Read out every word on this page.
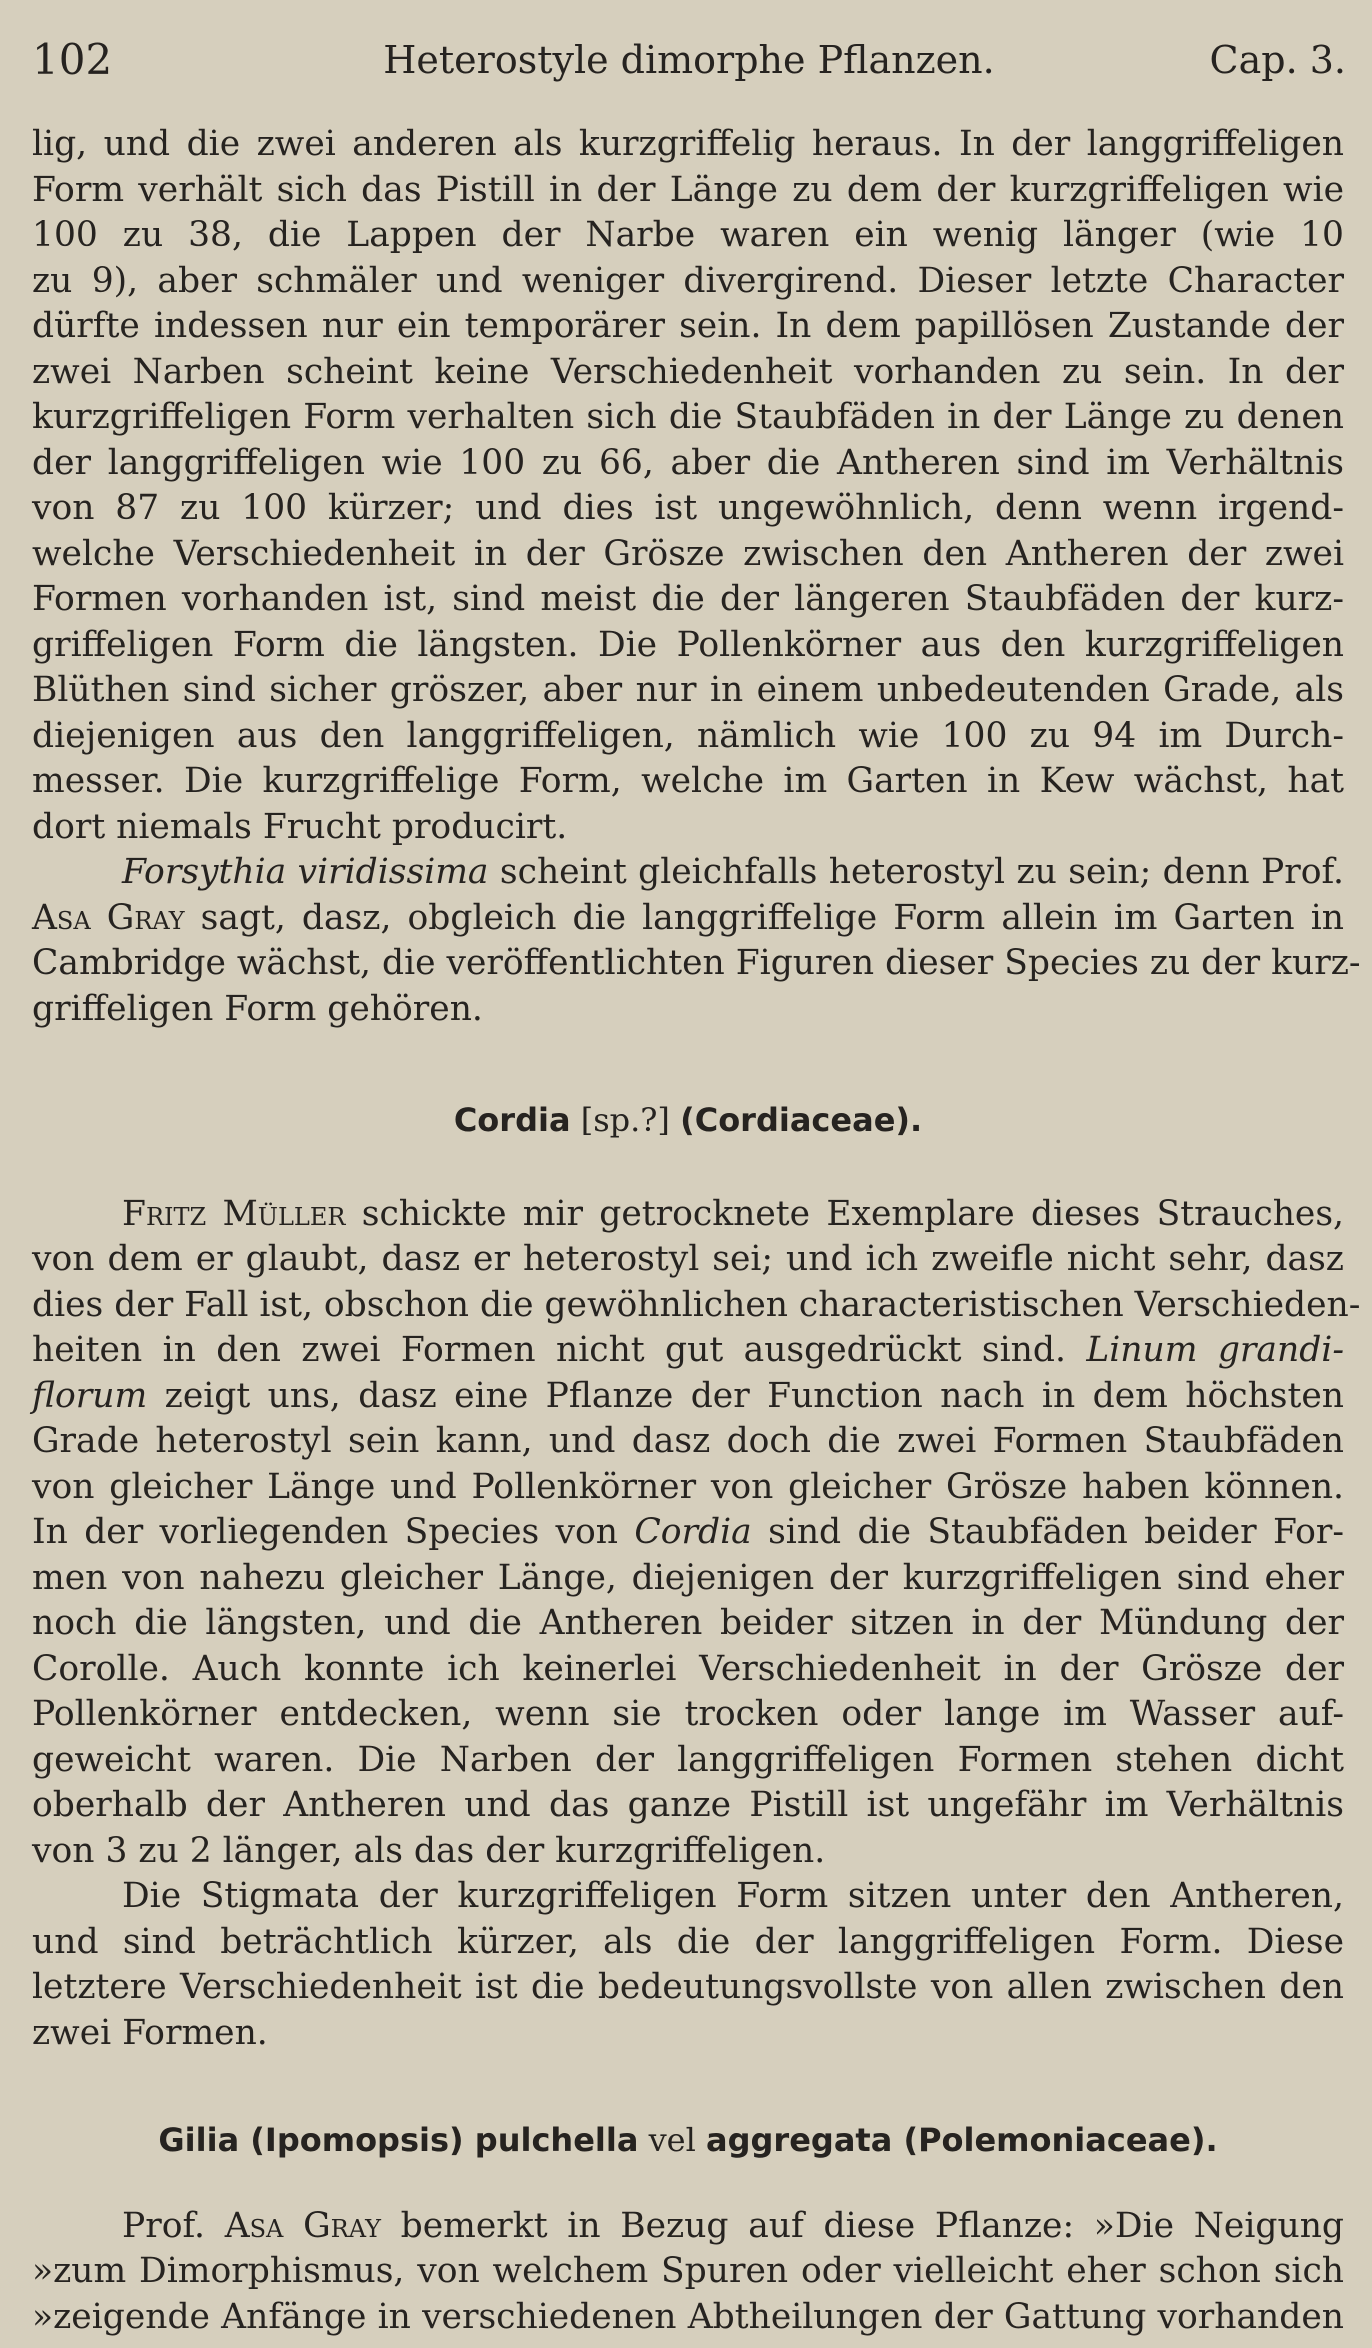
102	Heterostyle dimorphe Pflanzen.	Cap. 3.
lig, und die zwei anderen als kurzgriffelig heraus. In der langgriffeligen
Form verhält sich das Pistill in der Länge zu dem der kurzgriffeligen wie
100 zu 38, die Lappen der Narbe waren ein wenig länger (wie 10
zu 9), aber schmäler und weniger divergirend. Dieser letzte Character
dürfte indessen nur ein temporärer sein. In dem papillösen Zustande der
zwei Narben scheint keine Verschiedenheit vorhanden zu sein. In der
kurzgriffeligen Form verhalten sich die Staubfäden in der Länge zu denen
der langgriffeligen wie 100 zu 66, aber die Antheren sind im Verhältnis
von 87 zu 100 kürzer; und dies ist ungewöhnlich, denn wenn irgend-
welche Verschiedenheit in der Grösze zwischen den Antheren der zwei
Formen vorhanden ist, sind meist die der längeren Staubfäden der kurz-
griffeligen Form die längsten. Die Pollenkörner aus den kurzgriffeligen
Blüthen sind sicher gröszer, aber nur in einem unbedeutenden Grade, als
diejenigen aus den langgriffeligen, nämlich wie 100 zu 94 im Durch-
messer. Die kurzgriffelige Form, welche im Garten in Kew wächst, hat
dort niemals Frucht producirt.
Forsythia viridissima scheint gleichfalls heterostyl zu sein; denn Prof.
Asa Gray sagt, dasz, obgleich die langgriffelige Form allein im Garten in
Cambridge wächst, die veröffentlichten Figuren dieser Species zu der kurz-
griffeligen Form gehören.
Cordia [sp.?] (Cordiaceae).
Fritz Müller schickte mir getrocknete Exemplare dieses Strauches,
von dem er glaubt, dasz er heterostyl sei; und ich zweifle nicht sehr, dasz
dies der Fall ist, obschon die gewöhnlichen characteristischen Verschieden-
heiten in den zwei Formen nicht gut ausgedrückt sind. Linum grandi-
florum zeigt uns, dasz eine Pflanze der Function nach in dem höchsten
Grade heterostyl sein kann, und dasz doch die zwei Formen Staubfäden
von gleicher Länge und Pollenkörner von gleicher Grösze haben können.
In der vorliegenden Species von Cordia sind die Staubfäden beider For-
men von nahezu gleicher Länge, diejenigen der kurzgriffeligen sind eher
noch die längsten, und die Antheren beider sitzen in der Mündung der
Corolle. Auch konnte ich keinerlei Verschiedenheit in der Grösze der
Pollenkörner entdecken, wenn sie trocken oder lange im Wasser auf-
geweicht waren. Die Narben der langgriffeligen Formen stehen dicht
oberhalb der Antheren und das ganze Pistill ist ungefähr im Verhältnis
von 3 zu 2 länger, als das der kurzgriffeligen.
Die Stigmata der kurzgriffeligen Form sitzen unter den Antheren,
und sind beträchtlich kürzer, als die der langgriffeligen Form. Diese
letztere Verschiedenheit ist die bedeutungsvollste von allen zwischen den
zwei Formen.
Gilia (Ipomopsis) pulchella vel aggregata (Polemoniaceae).
Prof. Asa Gray bemerkt in Bezug auf diese Pflanze: »Die Neigung
»zum Dimorphismus, von welchem Spuren oder vielleicht eher schon sich
»zeigende Anfänge in verschiedenen Abtheilungen der Gattung vorhanden
